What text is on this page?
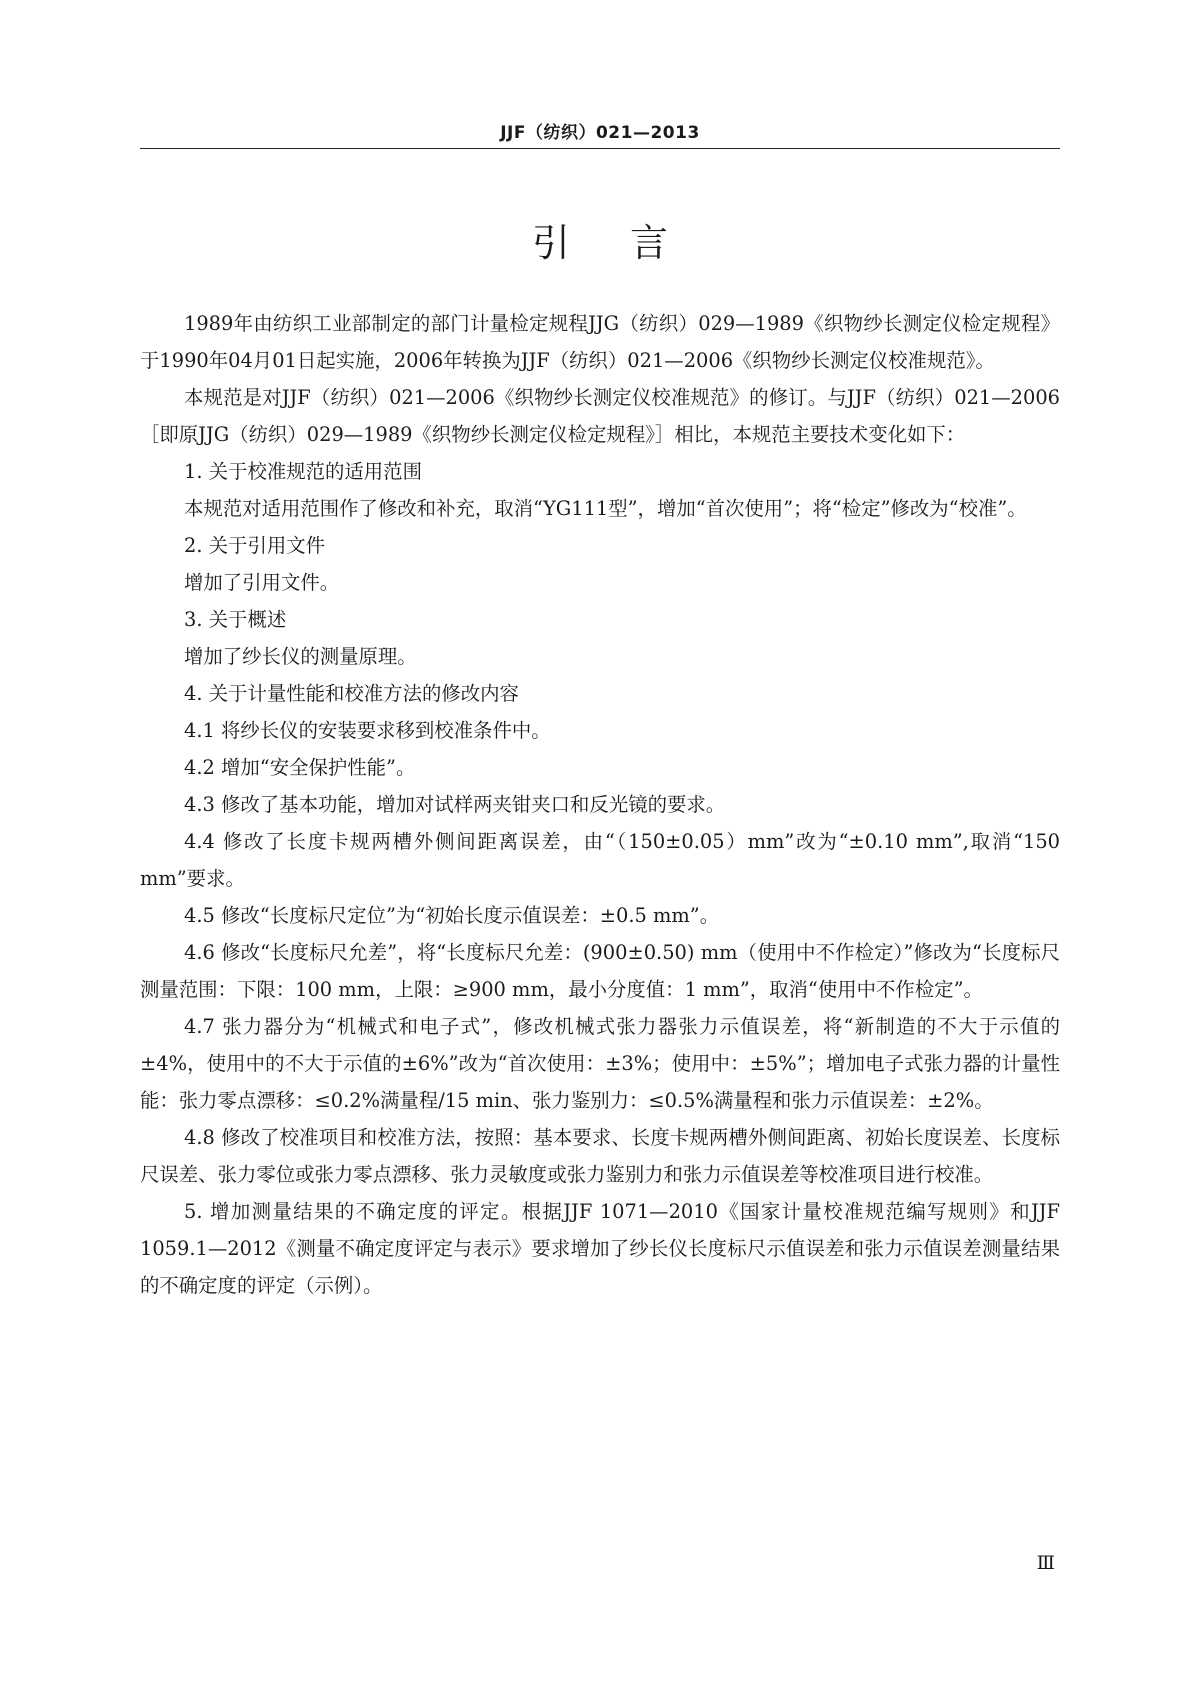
JJF（纺织）021—2013
引言

1989年由纺织工业部制定的部门计量检定规程JJG（纺织）029—1989《织物纱长测定仪检定规程》于1990年04月01日起实施，2006年转换为JJF（纺织）021—2006《织物纱长测定仪校准规范》。

本规范是对JJF（纺织）021—2006《织物纱长测定仪校准规范》的修订。与JJF（纺织）021—2006［即原JJG（纺织）029—1989《织物纱长测定仪检定规程》］相比，本规范主要技术变化如下：

1. 关于校准规范的适用范围

本规范对适用范围作了修改和补充，取消“YG111型”，增加“首次使用”；将“检定”修改为“校准”。

2. 关于引用文件

增加了引用文件。

3. 关于概述

增加了纱长仪的测量原理。

4. 关于计量性能和校准方法的修改内容

4.1 将纱长仪的安装要求移到校准条件中。

4.2 增加“安全保护性能”。

4.3 修改了基本功能，增加对试样两夹钳夹口和反光镜的要求。

4.4 修改了长度卡规两槽外侧间距离误差，由“（150±0.05）mm”改为“±0.10 mm”,取消“150 mm”要求。

4.5 修改“长度标尺定位”为“初始长度示值误差：±0.5 mm”。

4.6 修改“长度标尺允差”，将“长度标尺允差：(900±0.50) mm（使用中不作检定）”修改为“长度标尺测量范围：下限：100 mm，上限：≥900 mm，最小分度值：1 mm”，取消“使用中不作检定”。

4.7 张力器分为“机械式和电子式”，修改机械式张力器张力示值误差，将“新制造的不大于示值的±4%，使用中的不大于示值的±6%”改为“首次使用：±3%；使用中：±5%”；增加电子式张力器的计量性能：张力零点漂移：≤0.2%满量程/15 min、张力鉴别力：≤0.5%满量程和张力示值误差：±2%。

4.8 修改了校准项目和校准方法，按照：基本要求、长度卡规两槽外侧间距离、初始长度误差、长度标尺误差、张力零位或张力零点漂移、张力灵敏度或张力鉴别力和张力示值误差等校准项目进行校准。

5. 增加测量结果的不确定度的评定。根据JJF 1071—2010《国家计量校准规范编写规则》和JJF 1059.1—2012《测量不确定度评定与表示》要求增加了纱长仪长度标尺示值误差和张力示值误差测量结果的不确定度的评定（示例）。

Ⅲ
